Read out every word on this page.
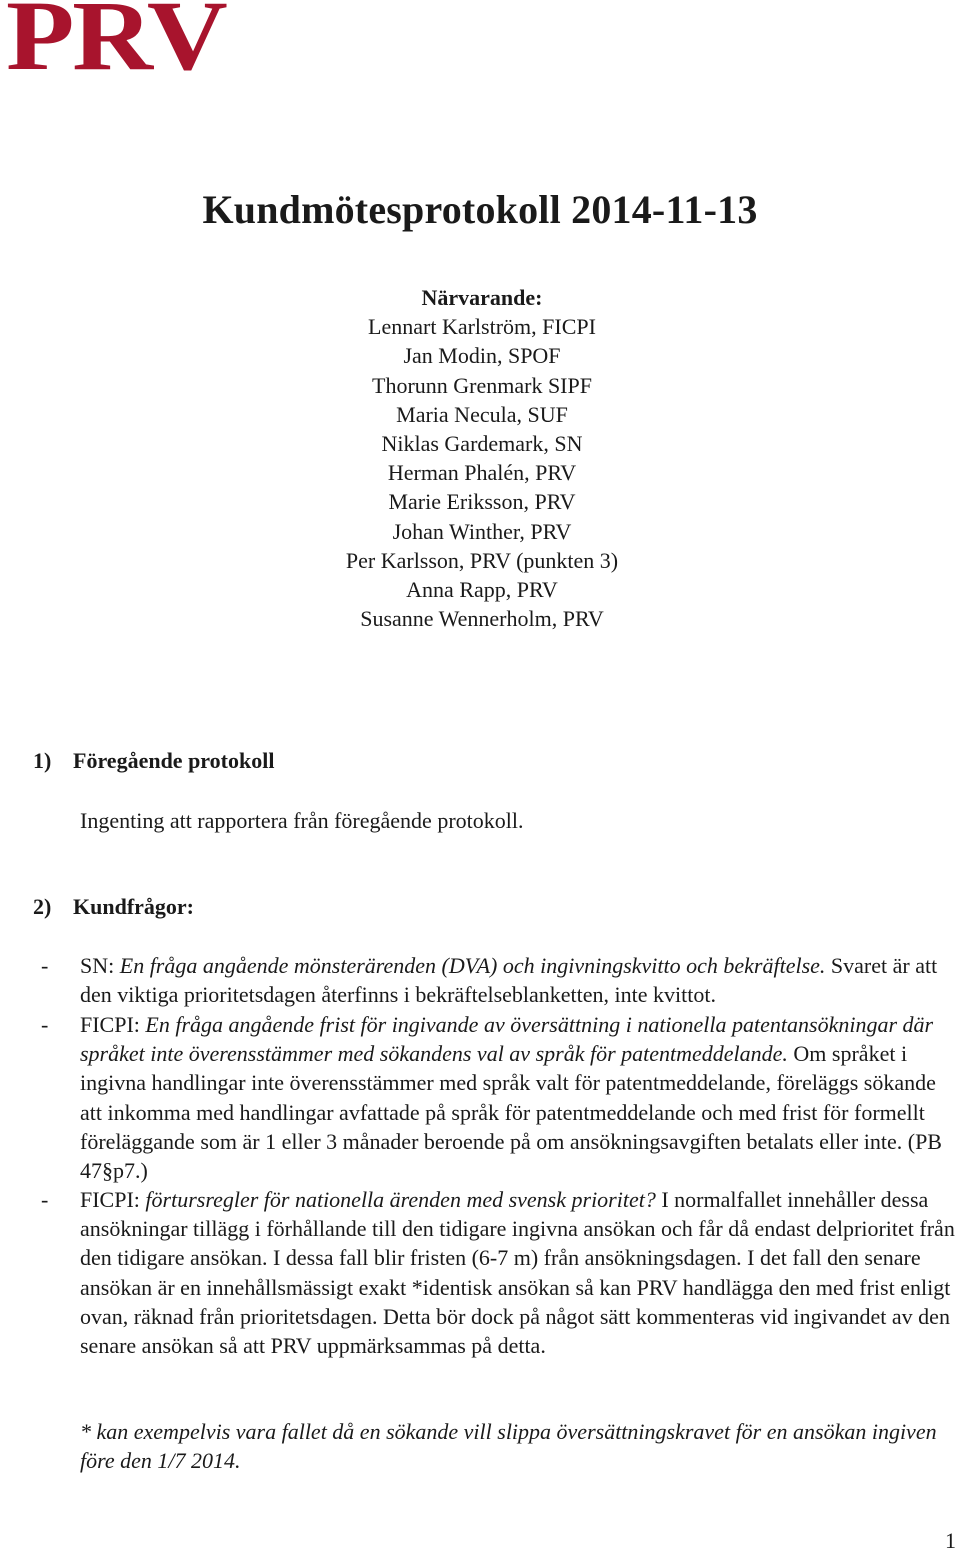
PRV
Kundmötesprotokoll 2014-11-13
Närvarande:
Lennart Karlström, FICPI
Jan Modin, SPOF
Thorunn Grenmark SIPF
Maria Necula, SUF
Niklas Gardemark, SN
Herman Phalén, PRV
Marie Eriksson, PRV
Johan Winther, PRV
Per Karlsson, PRV (punkten 3)
Anna Rapp, PRV
Susanne Wennerholm, PRV
1) Föregående protokoll
Ingenting att rapportera från föregående protokoll.
2) Kundfrågor:
- SN: En fråga angående mönsterärenden (DVA) och ingivningskvitto och bekräftelse. Svaret är att den viktiga prioritetsdagen återfinns i bekräftelseblanketten, inte kvittot.
- FICPI: En fråga angående frist för ingivande av översättning i nationella patentansökningar där språket inte överensstämmer med sökandens val av språk för patentmeddelande. Om språket i ingivna handlingar inte överensstämmer med språk valt för patentmeddelande, föreläggs sökande att inkomma med handlingar avfattade på språk för patentmeddelande och med frist för formellt föreläggande som är 1 eller 3 månader beroende på om ansökningsavgiften betalats eller inte. (PB 47§p7.)
- FICPI: förtursregler för nationella ärenden med svensk prioritet? I normalfallet innehåller dessa ansökningar tillägg i förhållande till den tidigare ingivna ansökan och får då endast delprioritet från den tidigare ansökan. I dessa fall blir fristen (6-7 m) från ansökningsdagen. I det fall den senare ansökan är en innehållsmässigt exakt *identisk ansökan så kan PRV handlägga den med frist enligt ovan, räknad från prioritetsdagen. Detta bör dock på något sätt kommenteras vid ingivandet av den senare ansökan så att PRV uppmärksammas på detta.
* kan exempelvis vara fallet då en sökande vill slippa översättningskravet för en ansökan ingiven före den 1/7 2014.
1
